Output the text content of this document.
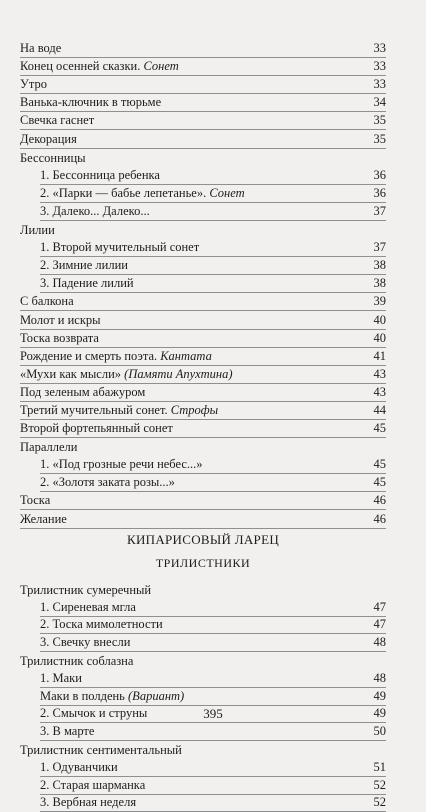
На воде	33
Конец осенней сказки. Сонет	33
Утро	33
Ванька-ключник в тюрьме	34
Свечка гаснет	35
Декорация	35
Бессонницы
1. Бессонница ребенка	36
2. «Парки — бабье лепетанье». Сонет	36
3. Далеко... Далеко...	37
Лилии
1. Второй мучительный сонет	37
2. Зимние лилии	38
3. Падение лилий	38
С балкона	39
Молот и искры	40
Тоска возврата	40
Рождение и смерть поэта. Кантата	41
«Мухи как мысли» (Памяти Апухтина)	43
Под зеленым абажуром	43
Третий мучительный сонет. Строфы	44
Второй фортепьянный сонет	45
Параллели
1. «Под грозные речи небес...»	45
2. «Золотя заката розы...»	45
Тоска	46
Желание	46
КИПАРИСОВЫЙ ЛАРЕЦ
ТРИЛИСТНИКИ
Трилистник сумеречный
1. Сиреневая мгла	47
2. Тоска мимолетности	47
3. Свечку внесли	48
Трилистник соблазна
1. Маки	48
Маки в полдень (Вариант)	49
2. Смычок и струны	49
3. В марте	50
Трилистник сентиментальный
1. Одуванчики	51
2. Старая шарманка	52
3. Вербная неделя	52
395
